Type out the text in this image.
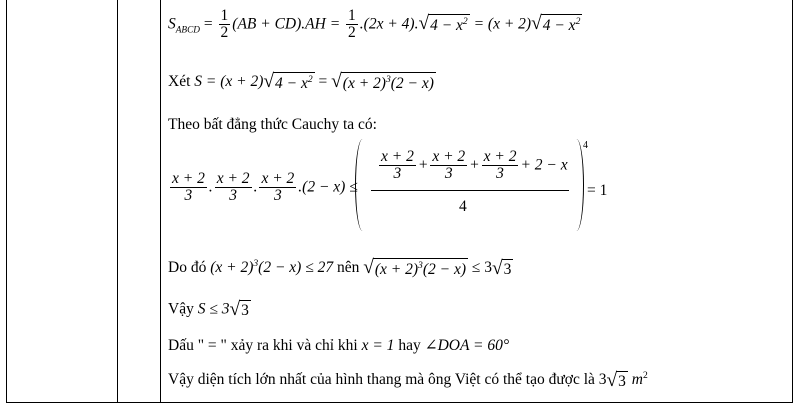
$S_{ABCD} = \frac{1}{2} (AB + CD).AH = \frac{1}{2} .(2x + 4)$. √ $4 - x^2 = (x + 2)$ √ $4 - x^2$
Xét S = (x + 2) √ $4 - x^2$ = √ $(x + 2)^3(2 - x)$
Theo bất đẳng thức Cauchy ta có:
$\frac{x + 2}{3}$ . $\frac{x + 2}{3}$ . $\frac{x + 2}{3} .(2 - x)$ ≤
$\frac{x + 2}{3} + \frac{x + 2}{3} + \frac{x + 2}{3} + 2 - x$
4
4
= 1
Do đó $(x + 2)^3(2 - x) \le 27$ nên √ $(x + 2)^3(2 - x) \le 3$ √ 3
Vậy S ≤ 3 √ 3
Dấu " = " xảy ra khi và chỉ khi x = 1 hay ∠DOA = 60°
Vậy diện tích lớn nhất của hình thang mà ông Việt có thể tạo được là 3 √ 3 $m^2$
